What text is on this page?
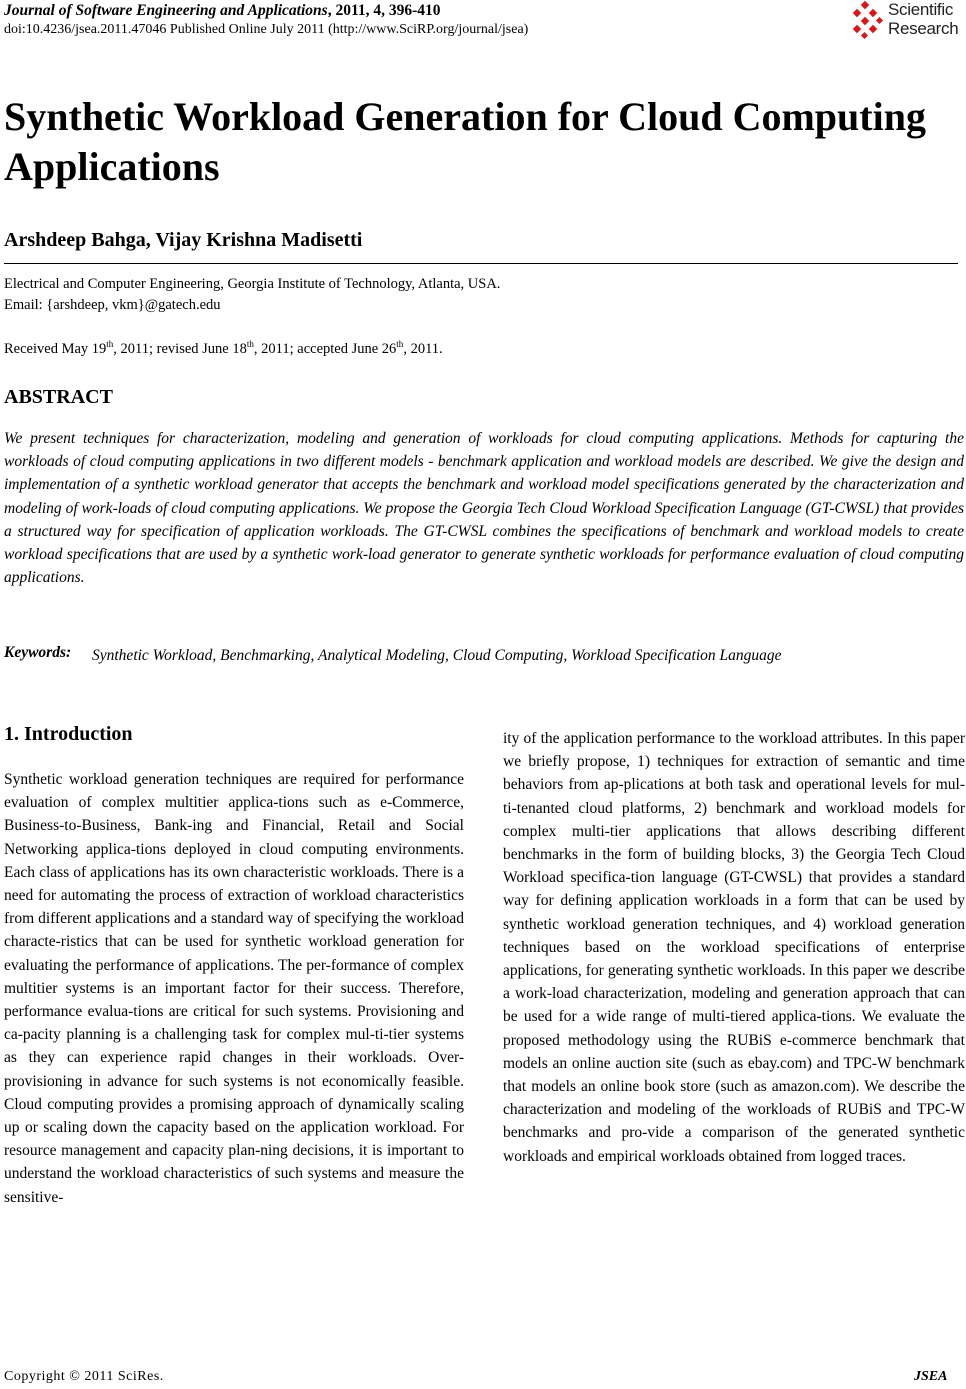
Journal of Software Engineering and Applications, 2011, 4, 396-410
doi:10.4236/jsea.2011.47046 Published Online July 2011 (http://www.SciRP.org/journal/jsea)
Scientific
Research
Synthetic Workload Generation for Cloud Computing Applications
Arshdeep Bahga, Vijay Krishna Madisetti
Electrical and Computer Engineering, Georgia Institute of Technology, Atlanta, USA.
Email: {arshdeep, vkm}@gatech.edu
Received May 19th, 2011; revised June 18th, 2011; accepted June 26th, 2011.
ABSTRACT
We present techniques for characterization, modeling and generation of workloads for cloud computing applications. Methods for capturing the workloads of cloud computing applications in two different models - benchmark application and workload models are described. We give the design and implementation of a synthetic workload generator that accepts the benchmark and workload model specifications generated by the characterization and modeling of work-loads of cloud computing applications. We propose the Georgia Tech Cloud Workload Specification Language (GT-CWSL) that provides a structured way for specification of application workloads. The GT-CWSL combines the specifications of benchmark and workload models to create workload specifications that are used by a synthetic work-load generator to generate synthetic workloads for performance evaluation of cloud computing applications.
Keywords: Synthetic Workload, Benchmarking, Analytical Modeling, Cloud Computing, Workload Specification Language
1. Introduction
Synthetic workload generation techniques are required for performance evaluation of complex multitier applica-tions such as e-Commerce, Business-to-Business, Bank-ing and Financial, Retail and Social Networking applica-tions deployed in cloud computing environments. Each class of applications has its own characteristic workloads. There is a need for automating the process of extraction of workload characteristics from different applications and a standard way of specifying the workload characte-ristics that can be used for synthetic workload generation for evaluating the performance of applications. The per-formance of complex multitier systems is an important factor for their success. Therefore, performance evalua-tions are critical for such systems. Provisioning and ca-pacity planning is a challenging task for complex mul-ti-tier systems as they can experience rapid changes in their workloads. Over-provisioning in advance for such systems is not economically feasible. Cloud computing provides a promising approach of dynamically scaling up or scaling down the capacity based on the application workload. For resource management and capacity plan-ning decisions, it is important to understand the workload characteristics of such systems and measure the sensitive-
ity of the application performance to the workload attributes. In this paper we briefly propose, 1) techniques for extraction of semantic and time behaviors from ap-plications at both task and operational levels for mul-ti-tenanted cloud platforms, 2) benchmark and workload models for complex multi-tier applications that allows describing different benchmarks in the form of building blocks, 3) the Georgia Tech Cloud Workload specifica-tion language (GT-CWSL) that provides a standard way for defining application workloads in a form that can be used by synthetic workload generation techniques, and 4) workload generation techniques based on the workload specifications of enterprise applications, for generating synthetic workloads. In this paper we describe a work-load characterization, modeling and generation approach that can be used for a wide range of multi-tiered applica-tions. We evaluate the proposed methodology using the RUBiS e-commerce benchmark that models an online auction site (such as ebay.com) and TPC-W benchmark that models an online book store (such as amazon.com). We describe the characterization and modeling of the workloads of RUBiS and TPC-W benchmarks and pro-vide a comparison of the generated synthetic workloads and empirical workloads obtained from logged traces.
Copyright © 2011 SciRes.	JSEA
